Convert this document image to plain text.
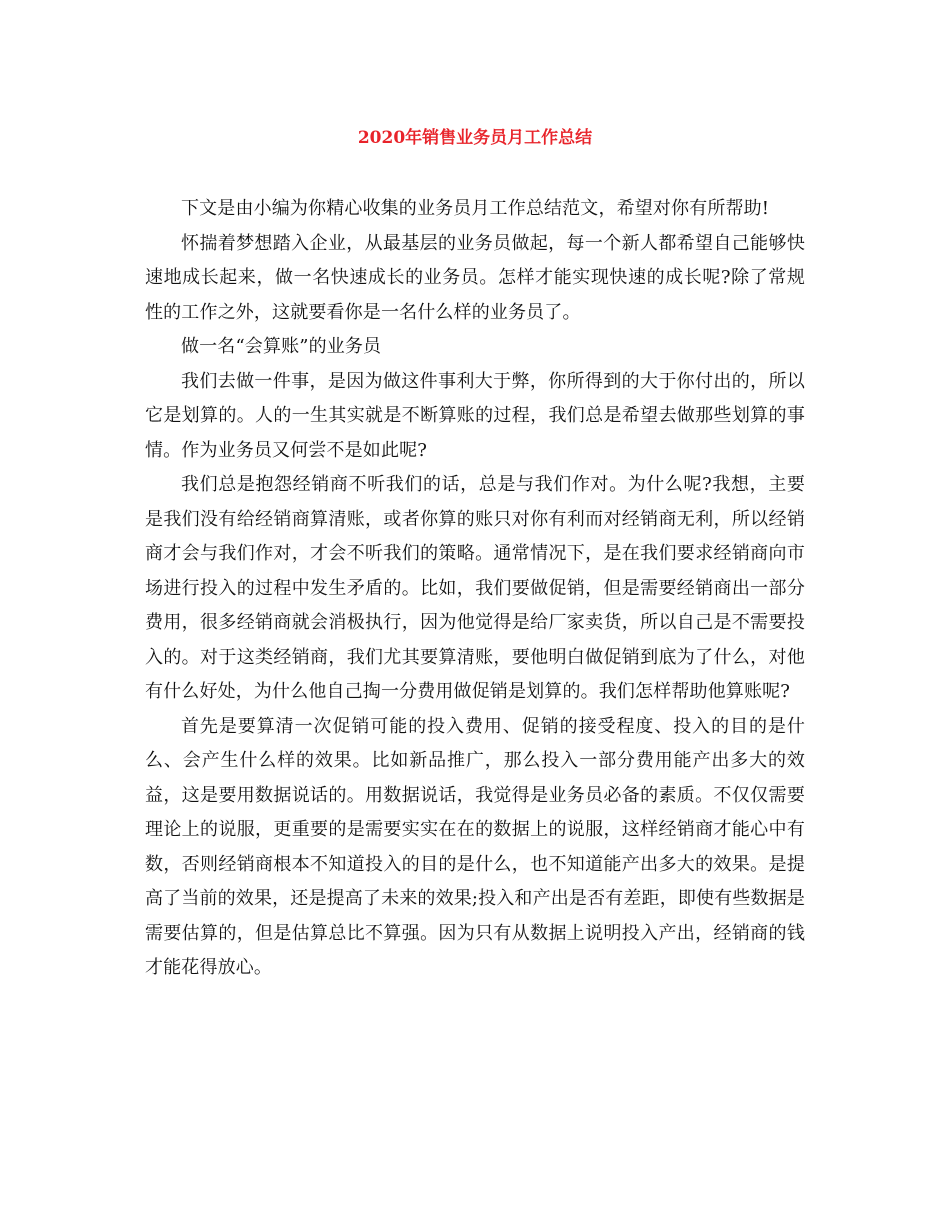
2020年销售业务员月工作总结

下文是由小编为你精心收集的业务员月工作总结范文，希望对你有所帮助!

怀揣着梦想踏入企业，从最基层的业务员做起，每一个新人都希望自己能够快速地成长起来，做一名快速成长的业务员。怎样才能实现快速的成长呢?除了常规性的工作之外，这就要看你是一名什么样的业务员了。

做一名“会算账”的业务员

我们去做一件事，是因为做这件事利大于弊，你所得到的大于你付出的，所以它是划算的。人的一生其实就是不断算账的过程，我们总是希望去做那些划算的事情。作为业务员又何尝不是如此呢?

我们总是抱怨经销商不听我们的话，总是与我们作对。为什么呢?我想，主要是我们没有给经销商算清账，或者你算的账只对你有利而对经销商无利，所以经销商才会与我们作对，才会不听我们的策略。通常情况下，是在我们要求经销商向市场进行投入的过程中发生矛盾的。比如，我们要做促销，但是需要经销商出一部分费用，很多经销商就会消极执行，因为他觉得是给厂家卖货，所以自己是不需要投入的。对于这类经销商，我们尤其要算清账，要他明白做促销到底为了什么，对他有什么好处，为什么他自己掏一分费用做促销是划算的。我们怎样帮助他算账呢?

首先是要算清一次促销可能的投入费用、促销的接受程度、投入的目的是什么、会产生什么样的效果。比如新品推广，那么投入一部分费用能产出多大的效益，这是要用数据说话的。用数据说话，我觉得是业务员必备的素质。不仅仅需要理论上的说服，更重要的是需要实实在在的数据上的说服，这样经销商才能心中有数，否则经销商根本不知道投入的目的是什么，也不知道能产出多大的效果。是提高了当前的效果，还是提高了未来的效果;投入和产出是否有差距，即使有些数据是需要估算的，但是估算总比不算强。因为只有从数据上说明投入产出，经销商的钱才能花得放心。
